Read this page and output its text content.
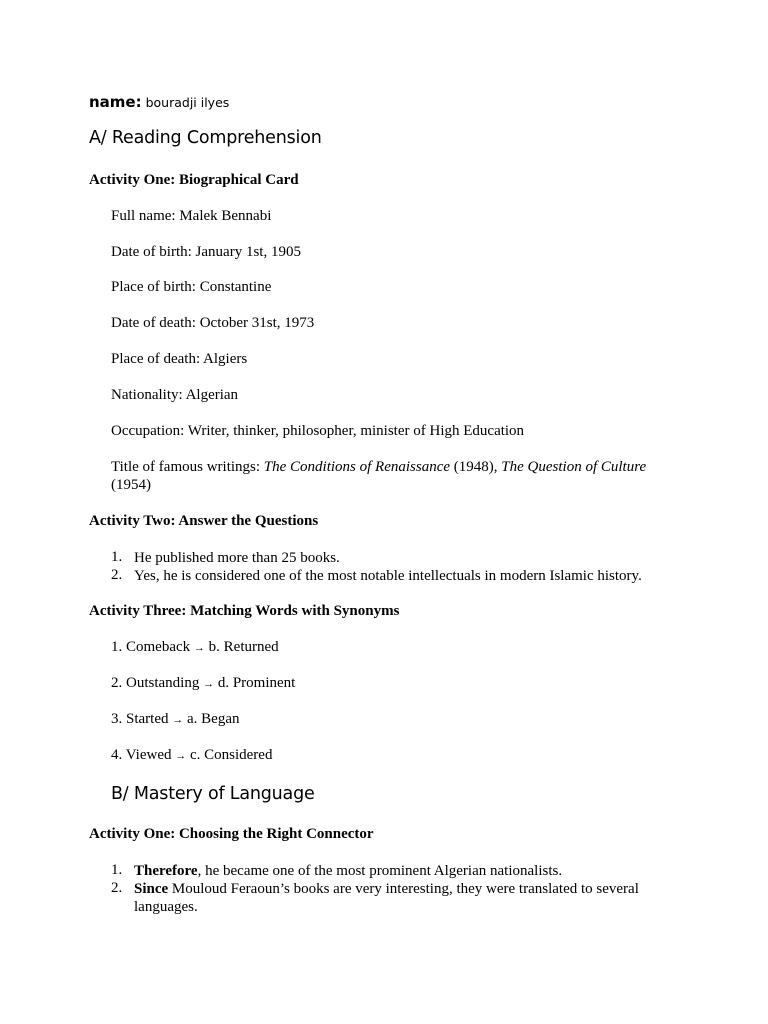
name: bouradji ilyes
A/ Reading Comprehension
Activity One: Biographical Card
Full name: Malek Bennabi
Date of birth: January 1st, 1905
Place of birth: Constantine
Date of death: October 31st, 1973
Place of death: Algiers
Nationality: Algerian
Occupation: Writer, thinker, philosopher, minister of High Education
Title of famous writings: The Conditions of Renaissance (1948), The Question of Culture
(1954)
Activity Two: Answer the Questions
1. He published more than 25 books.
2. Yes, he is considered one of the most notable intellectuals in modern Islamic history.
Activity Three: Matching Words with Synonyms
1. Comeback → b. Returned
2. Outstanding → d. Prominent
3. Started → a. Began
4. Viewed → c. Considered
B/ Mastery of Language
Activity One: Choosing the Right Connector
1. Therefore, he became one of the most prominent Algerian nationalists.
2. Since Mouloud Feraoun’s books are very interesting, they were translated to several languages.
